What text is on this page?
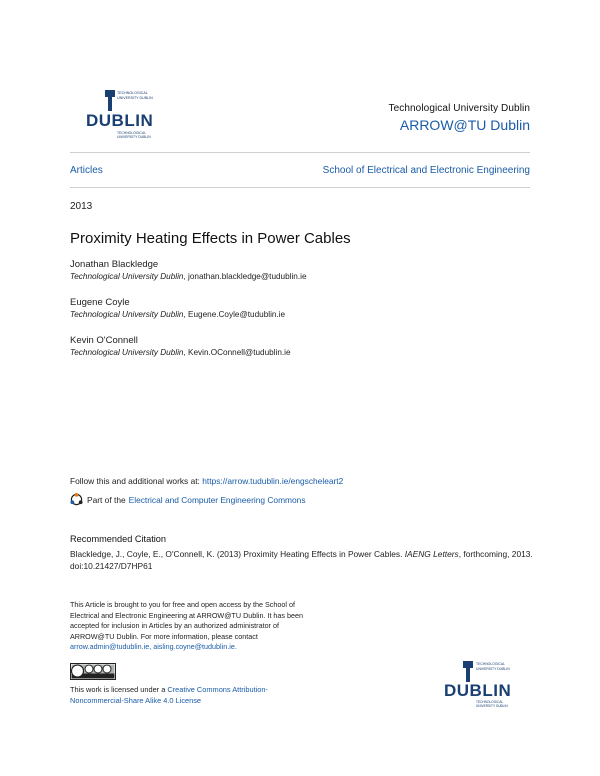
TECHNOLOGICAL
UNIVERSITY DUBLIN
DUBLIN
TECHNOLOGICAL
UNIVERSITY DUBLIN
Technological University Dublin
ARROW@TU Dublin
Articles	School of Electrical and Electronic Engineering
2013
Proximity Heating Effects in Power Cables
Jonathan Blackledge
Technological University Dublin, jonathan.blackledge@tudublin.ie
Eugene Coyle
Technological University Dublin, Eugene.Coyle@tudublin.ie
Kevin O'Connell
Technological University Dublin, Kevin.OConnell@tudublin.ie
Follow this and additional works at: https://arrow.tudublin.ie/engscheleart2
Part of the Electrical and Computer Engineering Commons
Recommended Citation
Blackledge, J., Coyle, E., O'Connell, K. (2013) Proximity Heating Effects in Power Cables. IAENG Letters, forthcoming, 2013. doi:10.21427/D7HP61
This Article is brought to you for free and open access by the School of Electrical and Electronic Engineering at ARROW@TU Dublin. It has been accepted for inclusion in Articles by an authorized administrator of ARROW@TU Dublin. For more information, please contact arrow.admin@tudublin.ie, aisling.coyne@tudublin.ie.
This work is licensed under a Creative Commons Attribution-Noncommercial-Share Alike 4.0 License
TECHNOLOGICAL
UNIVERSITY DUBLIN
DUBLIN
TECHNOLOGICAL
UNIVERSITY DUBLIN
